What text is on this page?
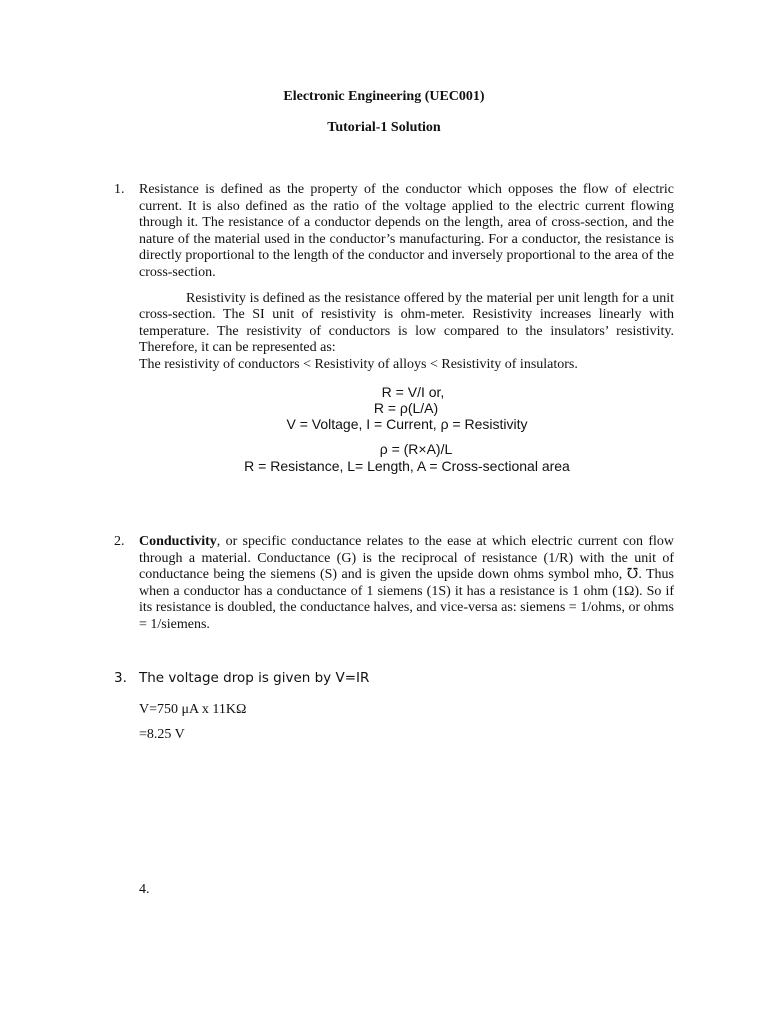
Electronic Engineering (UEC001)
Tutorial-1 Solution
1. Resistance is defined as the property of the conductor which opposes the flow of electric current. It is also defined as the ratio of the voltage applied to the electric current flowing through it. The resistance of a conductor depends on the length, area of cross-section, and the nature of the material used in the conductor’s manufacturing. For a conductor, the resistance is directly proportional to the length of the conductor and inversely proportional to the area of the cross-section.

Resistivity is defined as the resistance offered by the material per unit length for a unit cross-section. The SI unit of resistivity is ohm-meter. Resistivity increases linearly with temperature. The resistivity of conductors is low compared to the insulators’ resistivity. Therefore, it can be represented as:

The resistivity of conductors < Resistivity of alloys < Resistivity of insulators.

R = V/I or,
R = ρ(L/A)
V = Voltage, I = Current, ρ = Resistivity
ρ = (R×A)/L
R = Resistance, L= Length, A = Cross-sectional area
2. Conductivity, or specific conductance relates to the ease at which electric current con flow through a material. Conductance (G) is the reciprocal of resistance (1/R) with the unit of conductance being the siemens (S) and is given the upside down ohms symbol mho, ℧. Thus when a conductor has a conductance of 1 siemens (1S) it has a resistance is 1 ohm (1Ω). So if its resistance is doubled, the conductance halves, and vice-versa as: siemens = 1/ohms, or ohms = 1/siemens.

3. The voltage drop is given by V=IR

V=750 μA x 11KΩ
=8.25 V
4.
